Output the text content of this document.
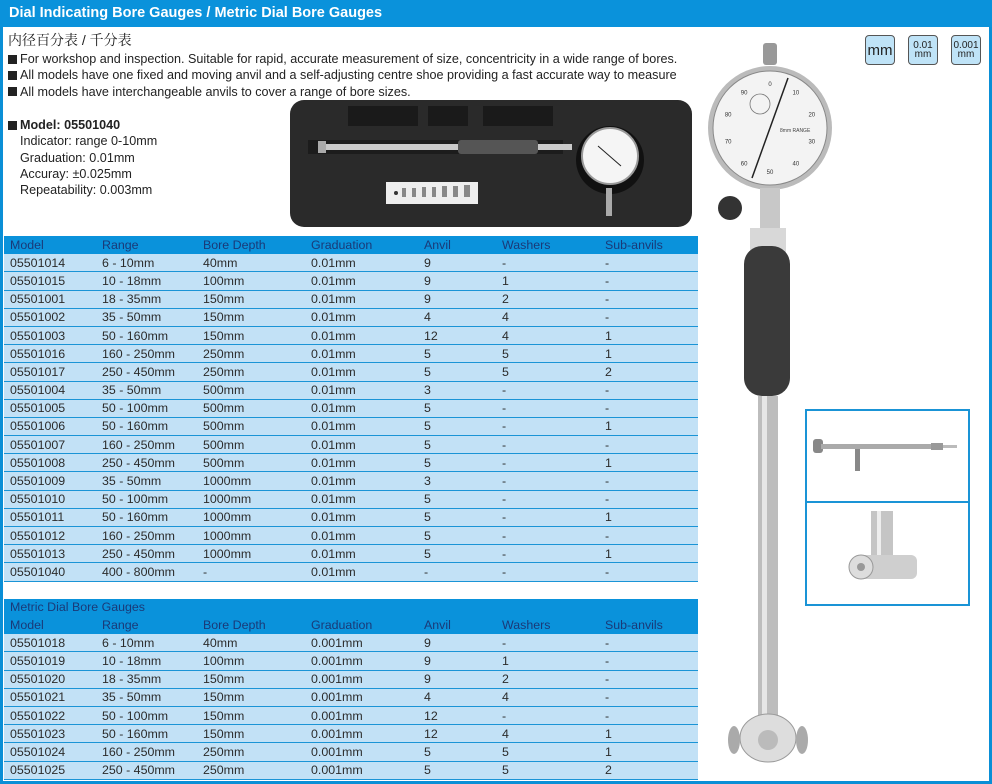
Dial Indicating Bore Gauges / Metric Dial Bore Gauges
内径百分表 / 千分表
For workshop and inspection. Suitable for rapid, accurate measurement of size, concentricity in a wide range of bores.
All models have one fixed and moving anvil and a self-adjusting centre shoe providing a fast accurate way to measure
All models have interchangeable anvils to cover a range of bore sizes.
Model: 05501040
Indicator: range 0-10mm
Graduation: 0.01mm
Accuray: ±0.025mm
Repeatability: 0.003mm
mm 0.01
mm
0.001
mm
0
10
20
30
40
50
60
70
80
90
8mm RANGE
Model	Range	Bore Depth	Graduation	Anvil	Washers	Sub-anvils
05501014	6 - 10mm	40mm	0.01mm	9	-	-
05501015	10 - 18mm	100mm	0.01mm	9	1	-
05501001	18 - 35mm	150mm	0.01mm	9	2	-
05501002	35 - 50mm	150mm	0.01mm	4	4	-
05501003	50 - 160mm	150mm	0.01mm	12	4	1
05501016	160 - 250mm	250mm	0.01mm	5	5	1
05501017	250 - 450mm	250mm	0.01mm	5	5	2
05501004	35 - 50mm	500mm	0.01mm	3	-	-
05501005	50 - 100mm	500mm	0.01mm	5	-	-
05501006	50 - 160mm	500mm	0.01mm	5	-	1
05501007	160 - 250mm	500mm	0.01mm	5	-	-
05501008	250 - 450mm	500mm	0.01mm	5	-	1
05501009	35 - 50mm	1000mm	0.01mm	3	-	-
05501010	50 - 100mm	1000mm	0.01mm	5	-	-
05501011	50 - 160mm	1000mm	0.01mm	5	-	1
05501012	160 - 250mm	1000mm	0.01mm	5	-	-
05501013	250 - 450mm	1000mm	0.01mm	5	-	1
05501040	400 - 800mm	-	0.01mm	-	-	-
Metric Dial Bore Gauges
Model	Range	Bore Depth	Graduation	Anvil	Washers	Sub-anvils
05501018	6 - 10mm	40mm	0.001mm	9	-	-
05501019	10 - 18mm	100mm	0.001mm	9	1	-
05501020	18 - 35mm	150mm	0.001mm	9	2	-
05501021	35 - 50mm	150mm	0.001mm	4	4	-
05501022	50 - 100mm	150mm	0.001mm	12	-	-
05501023	50 - 160mm	150mm	0.001mm	12	4	1
05501024	160 - 250mm	250mm	0.001mm	5	5	1
05501025	250 - 450mm	250mm	0.001mm	5	5	2
